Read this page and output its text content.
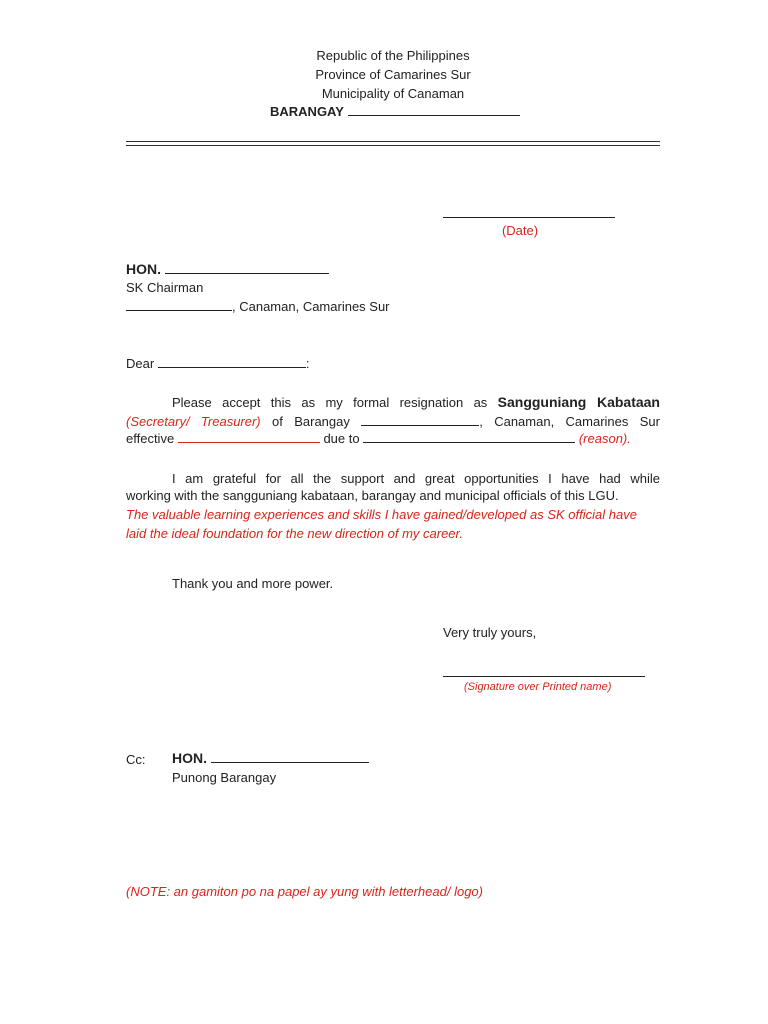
Republic of the Philippines
Province of Camarines Sur
Municipality of Canaman
BARANGAY
(Date)
HON.
SK Chairman
, Canaman, Camarines Sur
Dear	:
Please accept this as my formal resignation as Sangguniang Kabataan
(Secretary/ Treasurer) of Barangay	, Canaman, Camarines Sur
effective	due to	(reason).
I am grateful for all the support and great opportunities I have had while
working with the sangguniang kabataan, barangay and municipal officials of this LGU.
The valuable learning experiences and skills I have gained/developed as SK official have
laid the ideal foundation for the new direction of my career.
Thank you and more power.
Very truly yours,
(Signature over Printed name)
Cc: HON.
Punong Barangay
(NOTE: an gamiton po na papel ay yung with letterhead/ logo)
